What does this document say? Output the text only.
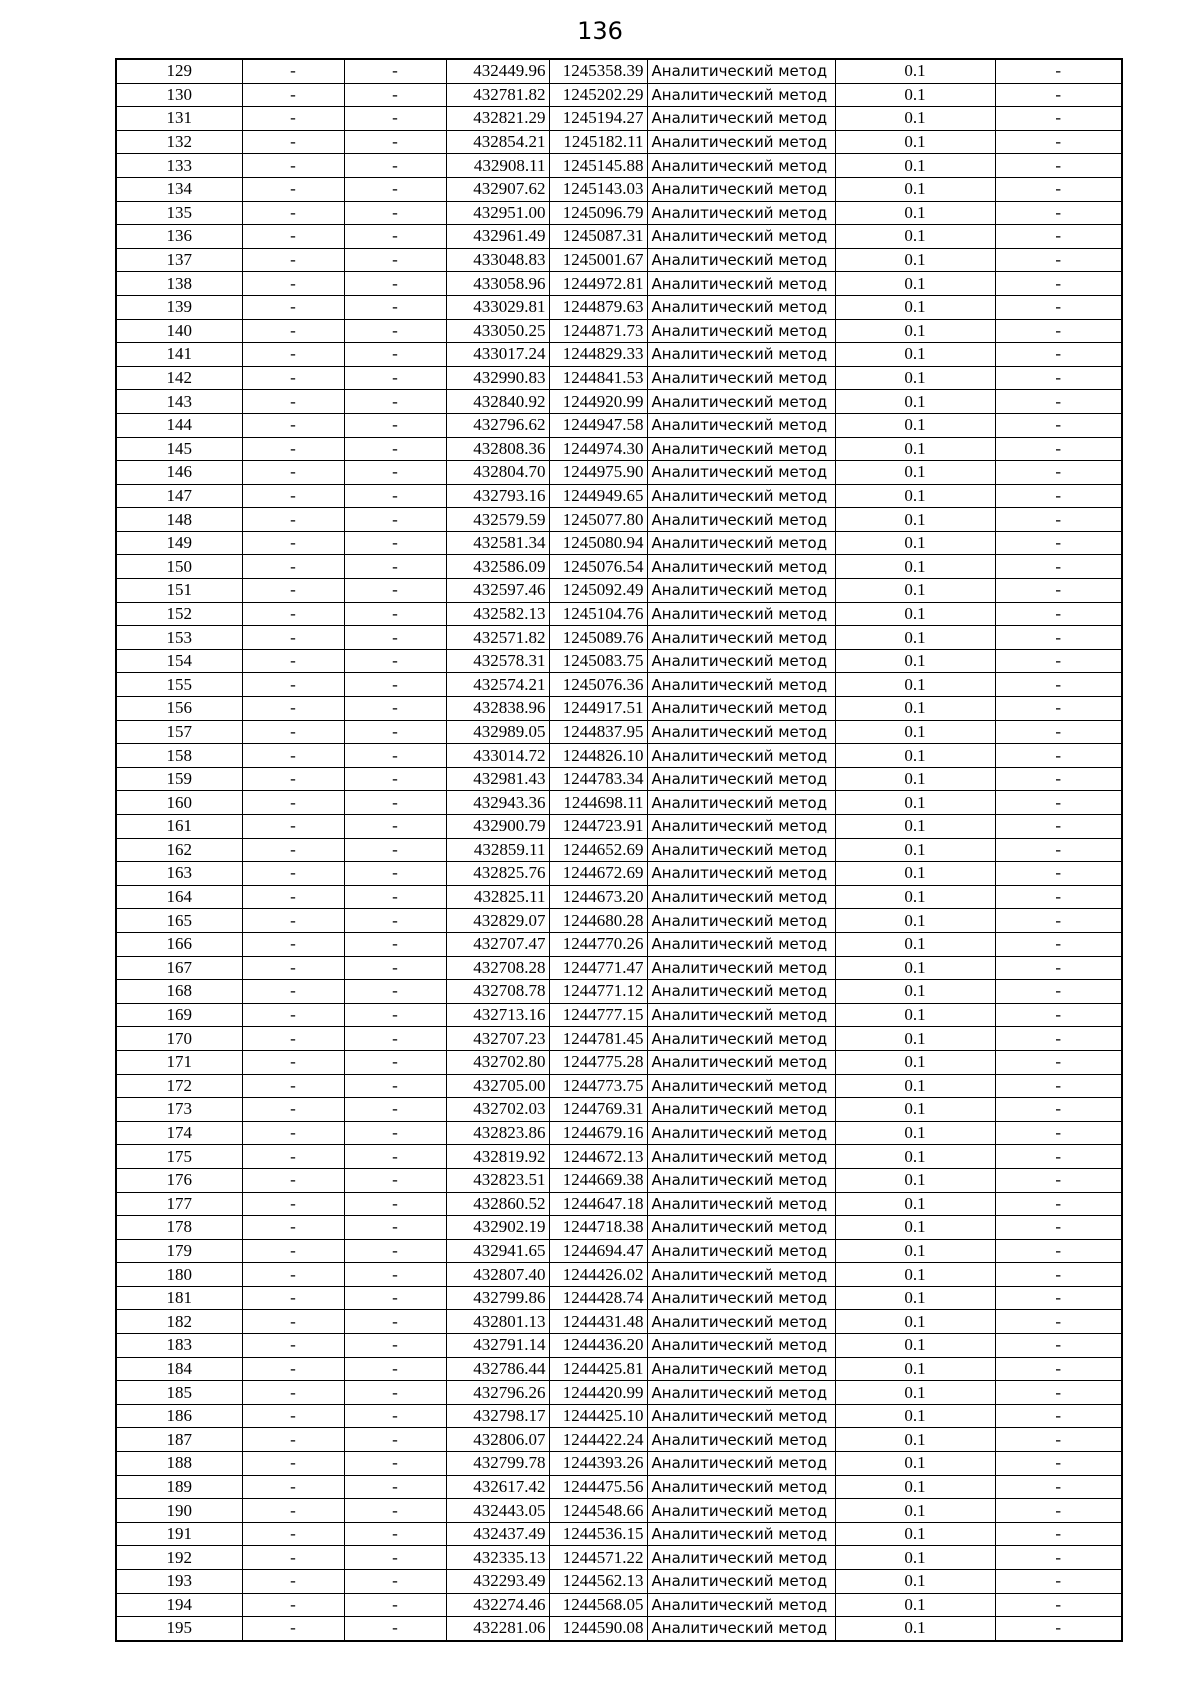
136
129	-	-	432449.96	1245358.39	Аналитический метод	0.1	-
130	-	-	432781.82	1245202.29	Аналитический метод	0.1	-
131	-	-	432821.29	1245194.27	Аналитический метод	0.1	-
132	-	-	432854.21	1245182.11	Аналитический метод	0.1	-
133	-	-	432908.11	1245145.88	Аналитический метод	0.1	-
134	-	-	432907.62	1245143.03	Аналитический метод	0.1	-
135	-	-	432951.00	1245096.79	Аналитический метод	0.1	-
136	-	-	432961.49	1245087.31	Аналитический метод	0.1	-
137	-	-	433048.83	1245001.67	Аналитический метод	0.1	-
138	-	-	433058.96	1244972.81	Аналитический метод	0.1	-
139	-	-	433029.81	1244879.63	Аналитический метод	0.1	-
140	-	-	433050.25	1244871.73	Аналитический метод	0.1	-
141	-	-	433017.24	1244829.33	Аналитический метод	0.1	-
142	-	-	432990.83	1244841.53	Аналитический метод	0.1	-
143	-	-	432840.92	1244920.99	Аналитический метод	0.1	-
144	-	-	432796.62	1244947.58	Аналитический метод	0.1	-
145	-	-	432808.36	1244974.30	Аналитический метод	0.1	-
146	-	-	432804.70	1244975.90	Аналитический метод	0.1	-
147	-	-	432793.16	1244949.65	Аналитический метод	0.1	-
148	-	-	432579.59	1245077.80	Аналитический метод	0.1	-
149	-	-	432581.34	1245080.94	Аналитический метод	0.1	-
150	-	-	432586.09	1245076.54	Аналитический метод	0.1	-
151	-	-	432597.46	1245092.49	Аналитический метод	0.1	-
152	-	-	432582.13	1245104.76	Аналитический метод	0.1	-
153	-	-	432571.82	1245089.76	Аналитический метод	0.1	-
154	-	-	432578.31	1245083.75	Аналитический метод	0.1	-
155	-	-	432574.21	1245076.36	Аналитический метод	0.1	-
156	-	-	432838.96	1244917.51	Аналитический метод	0.1	-
157	-	-	432989.05	1244837.95	Аналитический метод	0.1	-
158	-	-	433014.72	1244826.10	Аналитический метод	0.1	-
159	-	-	432981.43	1244783.34	Аналитический метод	0.1	-
160	-	-	432943.36	1244698.11	Аналитический метод	0.1	-
161	-	-	432900.79	1244723.91	Аналитический метод	0.1	-
162	-	-	432859.11	1244652.69	Аналитический метод	0.1	-
163	-	-	432825.76	1244672.69	Аналитический метод	0.1	-
164	-	-	432825.11	1244673.20	Аналитический метод	0.1	-
165	-	-	432829.07	1244680.28	Аналитический метод	0.1	-
166	-	-	432707.47	1244770.26	Аналитический метод	0.1	-
167	-	-	432708.28	1244771.47	Аналитический метод	0.1	-
168	-	-	432708.78	1244771.12	Аналитический метод	0.1	-
169	-	-	432713.16	1244777.15	Аналитический метод	0.1	-
170	-	-	432707.23	1244781.45	Аналитический метод	0.1	-
171	-	-	432702.80	1244775.28	Аналитический метод	0.1	-
172	-	-	432705.00	1244773.75	Аналитический метод	0.1	-
173	-	-	432702.03	1244769.31	Аналитический метод	0.1	-
174	-	-	432823.86	1244679.16	Аналитический метод	0.1	-
175	-	-	432819.92	1244672.13	Аналитический метод	0.1	-
176	-	-	432823.51	1244669.38	Аналитический метод	0.1	-
177	-	-	432860.52	1244647.18	Аналитический метод	0.1	-
178	-	-	432902.19	1244718.38	Аналитический метод	0.1	-
179	-	-	432941.65	1244694.47	Аналитический метод	0.1	-
180	-	-	432807.40	1244426.02	Аналитический метод	0.1	-
181	-	-	432799.86	1244428.74	Аналитический метод	0.1	-
182	-	-	432801.13	1244431.48	Аналитический метод	0.1	-
183	-	-	432791.14	1244436.20	Аналитический метод	0.1	-
184	-	-	432786.44	1244425.81	Аналитический метод	0.1	-
185	-	-	432796.26	1244420.99	Аналитический метод	0.1	-
186	-	-	432798.17	1244425.10	Аналитический метод	0.1	-
187	-	-	432806.07	1244422.24	Аналитический метод	0.1	-
188	-	-	432799.78	1244393.26	Аналитический метод	0.1	-
189	-	-	432617.42	1244475.56	Аналитический метод	0.1	-
190	-	-	432443.05	1244548.66	Аналитический метод	0.1	-
191	-	-	432437.49	1244536.15	Аналитический метод	0.1	-
192	-	-	432335.13	1244571.22	Аналитический метод	0.1	-
193	-	-	432293.49	1244562.13	Аналитический метод	0.1	-
194	-	-	432274.46	1244568.05	Аналитический метод	0.1	-
195	-	-	432281.06	1244590.08	Аналитический метод	0.1	-
